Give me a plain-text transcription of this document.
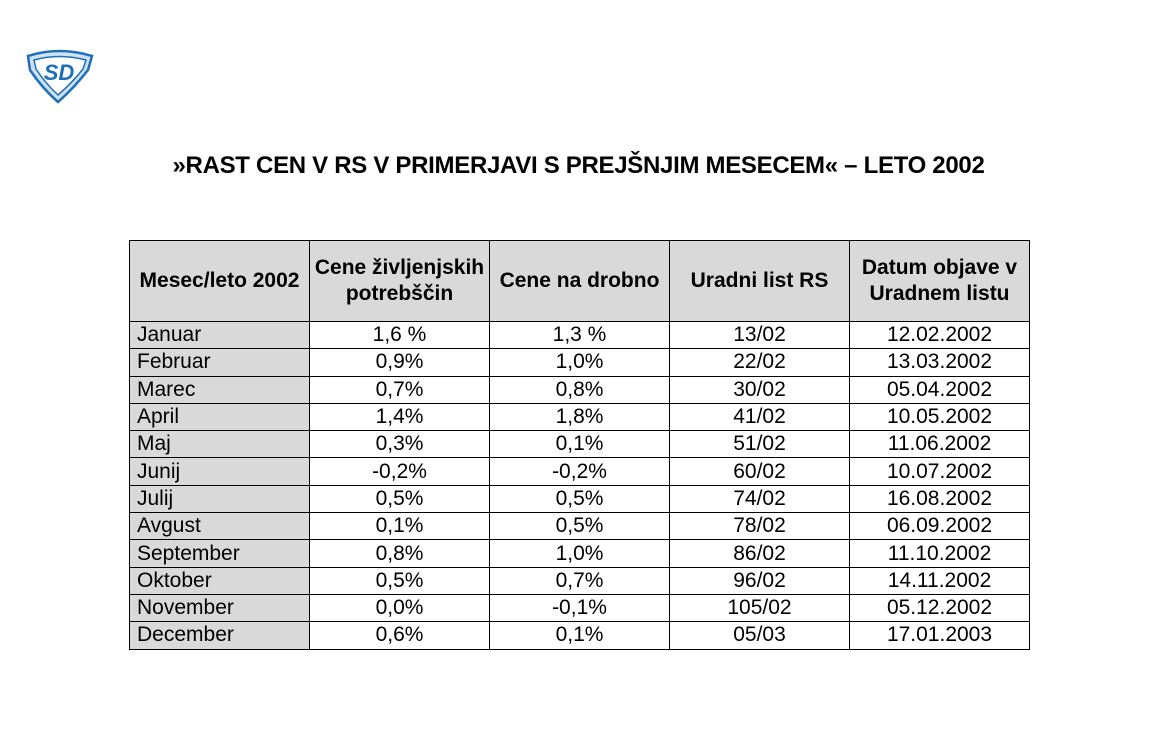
SD
»RAST CEN V RS V PRIMERJAVI S PREJŠNJIM MESECEM« – LETO 2002
Mesec/leto 2002	Cene življenjskih potrebščin	Cene na drobno	Uradni list RS	Datum objave v Uradnem listu
Januar	1,6 %	1,3 %	13/02	12.02.2002
Februar	0,9%	1,0%	22/02	13.03.2002
Marec	0,7%	0,8%	30/02	05.04.2002
April	1,4%	1,8%	41/02	10.05.2002
Maj	0,3%	0,1%	51/02	11.06.2002
Junij	-0,2%	-0,2%	60/02	10.07.2002
Julij	0,5%	0,5%	74/02	16.08.2002
Avgust	0,1%	0,5%	78/02	06.09.2002
September	0,8%	1,0%	86/02	11.10.2002
Oktober	0,5%	0,7%	96/02	14.11.2002
November	0,0%	-0,1%	105/02	05.12.2002
December	0,6%	0,1%	05/03	17.01.2003
